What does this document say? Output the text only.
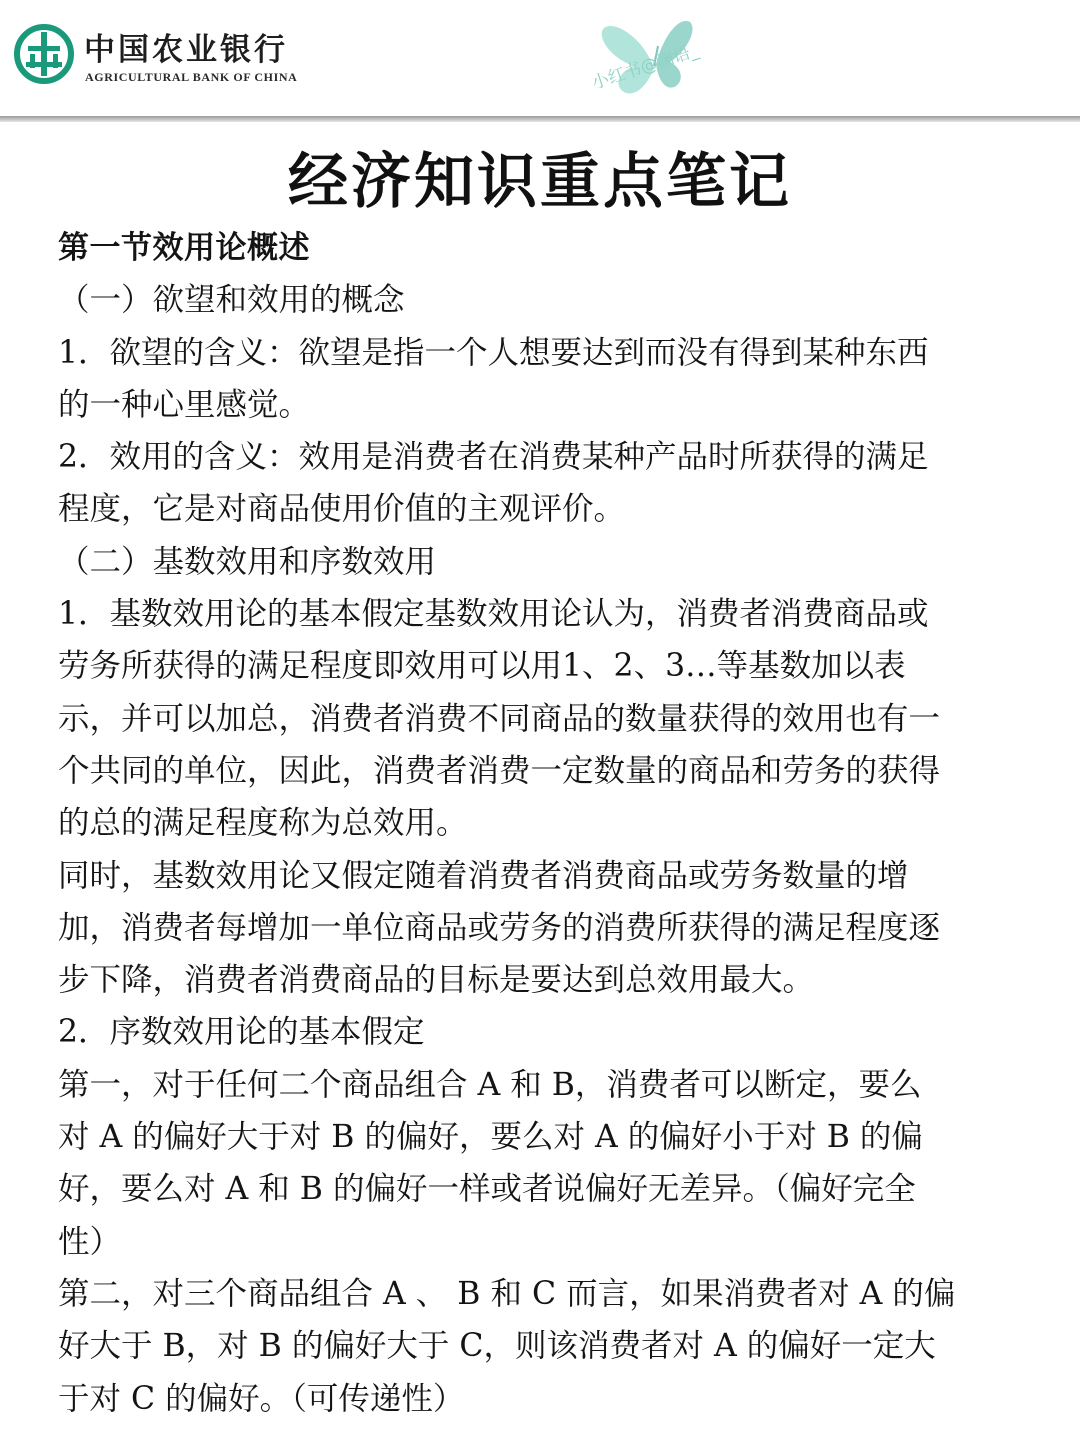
中国农业银行
AGRICULTURAL BANK OF CHINA	小红书@澜语_
经济知识重点笔记

第一节效用论概述

（一）欲望和效用的概念

1．欲望的含义：欲望是指一个人想要达到而没有得到某种东西

的一种心里感觉。

2．效用的含义：效用是消费者在消费某种产品时所获得的满足

程度，它是对商品使用价值的主观评价。

（二）基数效用和序数效用

1．基数效用论的基本假定基数效用论认为，消费者消费商品或

劳务所获得的满足程度即效用可以用1、2、3…等基数加以表

示，并可以加总，消费者消费不同商品的数量获得的效用也有一

个共同的单位，因此，消费者消费一定数量的商品和劳务的获得

的总的满足程度称为总效用。

同时，基数效用论又假定随着消费者消费商品或劳务数量的增

加，消费者每增加一单位商品或劳务的消费所获得的满足程度逐

步下降，消费者消费商品的目标是要达到总效用最大。

2．序数效用论的基本假定

第一，对于任何二个商品组合 A 和 B，消费者可以断定，要么

对 A 的偏好大于对 B 的偏好，要么对 A 的偏好小于对 B 的偏

好，要么对 A 和 B 的偏好一样或者说偏好无差异。（偏好完全

性）

第二，对三个商品组合 A 、 B 和 C 而言，如果消费者对 A 的偏

好大于 B，对 B 的偏好大于 C，则该消费者对 A 的偏好一定大

于对 C 的偏好。（可传递性）
